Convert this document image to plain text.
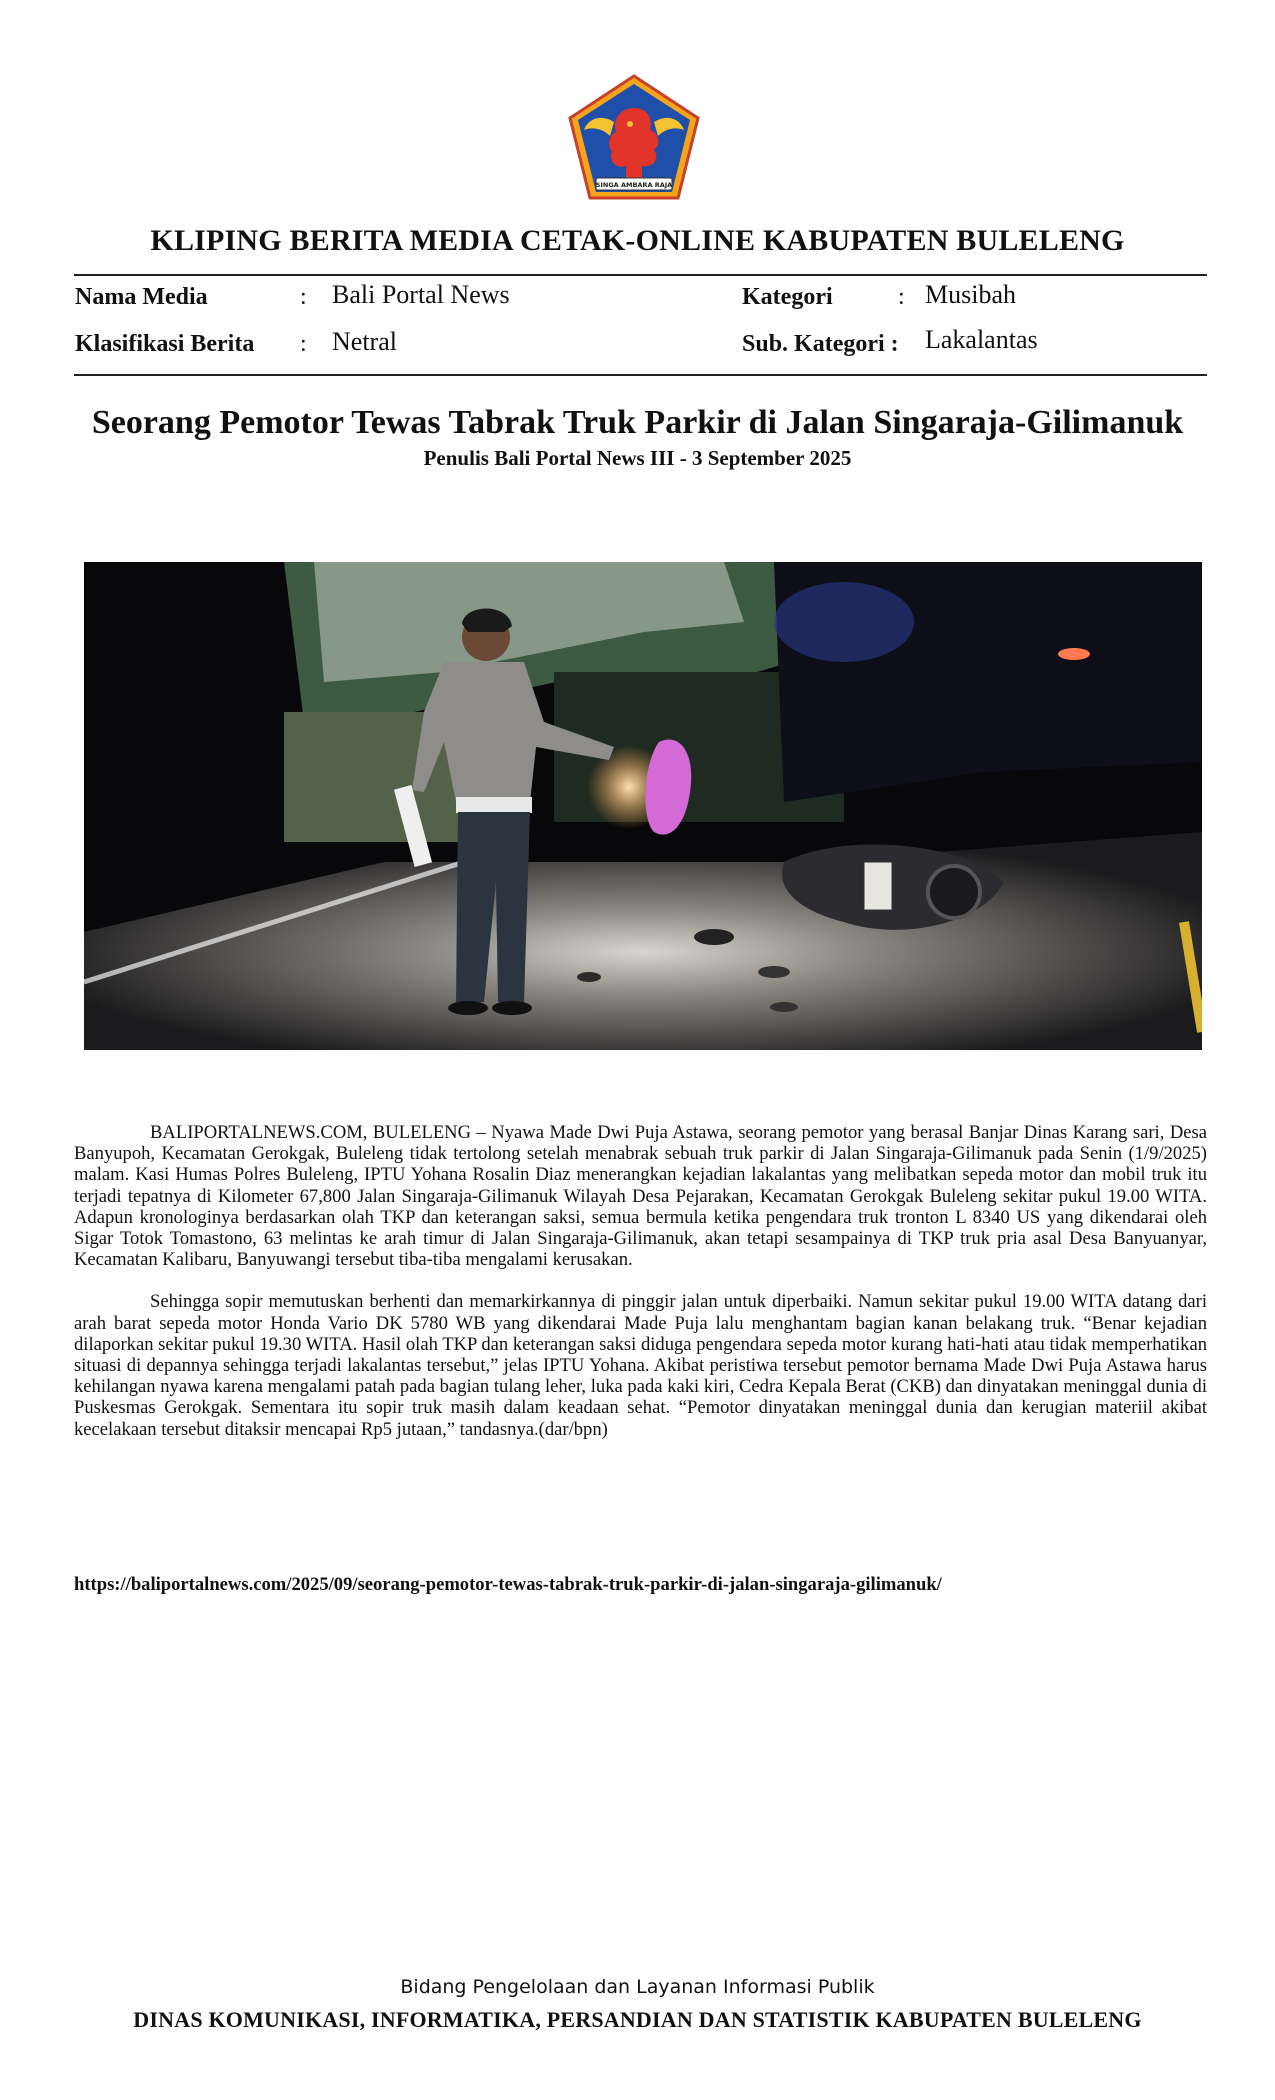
SINGA AMBARA RAJA
KLIPING BERITA MEDIA CETAK-ONLINE KABUPATEN BULELENG
Nama Media	: Bali Portal News
Klasifikasi Berita : Netral
Kategori	: Musibah
Sub. Kategori : Lakalantas
Seorang Pemotor Tewas Tabrak Truk Parkir di Jalan Singaraja-Gilimanuk
Penulis Bali Portal News III - 3 September 2025

BALIPORTALNEWS.COM, BULELENG – Nyawa Made Dwi Puja Astawa, seorang pemotor yang berasal Banjar Dinas Karang sari, Desa Banyupoh, Kecamatan Gerokgak, Buleleng tidak tertolong setelah menabrak sebuah truk parkir di Jalan Singaraja-Gilimanuk pada Senin (1/9/2025) malam. Kasi Humas Polres Buleleng, IPTU Yohana Rosalin Diaz menerangkan kejadian lakalantas yang melibatkan sepeda motor dan mobil truk itu terjadi tepatnya di Kilometer 67,800 Jalan Singaraja-Gilimanuk Wilayah Desa Pejarakan, Kecamatan Gerokgak Buleleng sekitar pukul 19.00 WITA. Adapun kronologinya berdasarkan olah TKP dan keterangan saksi, semua bermula ketika pengendara truk tronton L 8340 US yang dikendarai oleh Sigar Totok Tomastono, 63 melintas ke arah timur di Jalan Singaraja-Gilimanuk, akan tetapi sesampainya di TKP truk pria asal Desa Banyuanyar, Kecamatan Kalibaru, Banyuwangi tersebut tiba-tiba mengalami kerusakan.

Sehingga sopir memutuskan berhenti dan memarkirkannya di pinggir jalan untuk diperbaiki. Namun sekitar pukul 19.00 WITA datang dari arah barat sepeda motor Honda Vario DK 5780 WB yang dikendarai Made Puja lalu menghantam bagian kanan belakang truk. “Benar kejadian dilaporkan sekitar pukul 19.30 WITA. Hasil olah TKP dan keterangan saksi diduga pengendara sepeda motor kurang hati-hati atau tidak memperhatikan situasi di depannya sehingga terjadi lakalantas tersebut,” jelas IPTU Yohana. Akibat peristiwa tersebut pemotor bernama Made Dwi Puja Astawa harus kehilangan nyawa karena mengalami patah pada bagian tulang leher, luka pada kaki kiri, Cedra Kepala Berat (CKB) dan dinyatakan meninggal dunia di Puskesmas Gerokgak. Sementara itu sopir truk masih dalam keadaan sehat. “Pemotor dinyatakan meninggal dunia dan kerugian materiil akibat kecelakaan tersebut ditaksir mencapai Rp5 jutaan,” tandasnya.(dar/bpn)

https://baliportalnews.com/2025/09/seorang-pemotor-tewas-tabrak-truk-parkir-di-jalan-singaraja-gilimanuk/
Bidang Pengelolaan dan Layanan Informasi Publik
DINAS KOMUNIKASI, INFORMATIKA, PERSANDIAN DAN STATISTIK KABUPATEN BULELENG
